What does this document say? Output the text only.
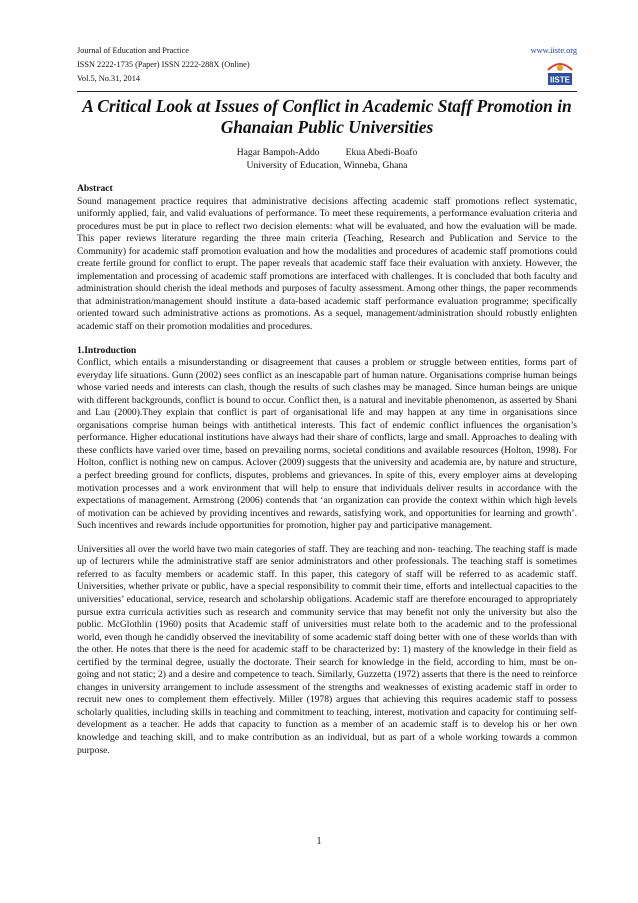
Journal of Education and Practice
ISSN 2222-1735 (Paper) ISSN 2222-288X (Online)
Vol.5, No.31, 2014
www.iiste.org
IISTE
A Critical Look at Issues of Conflict in Academic Staff Promotion in Ghanaian Public Universities
Hagar Bampoh-Addo	Ekua Abedi-Boafo
University of Education, Winneba, Ghana

Abstract

Sound management practice requires that administrative decisions affecting academic staff promotions reflect systematic, uniformly applied, fair, and valid evaluations of performance. To meet these requirements, a performance evaluation criteria and procedures must be put in place to reflect two decision elements: what will be evaluated, and how the evaluation will be made. This paper reviews literature regarding the three main criteria (Teaching, Research and Publication and Service to the Community) for academic staff promotion evaluation and how the modalities and procedures of academic staff promotions could create fertile ground for conflict to erupt. The paper reveals that academic staff face their evaluation with anxiety. However, the implementation and processing of academic staff promotions are interfaced with challenges. It is concluded that both faculty and administration should cherish the ideal methods and purposes of faculty assessment. Among other things, the paper recommends that administration/management should institute a data-based academic staff performance evaluation programme; specifically oriented toward such administrative actions as promotions. As a sequel, management/administration should robustly enlighten academic staff on their promotion modalities and procedures.

1.Introduction

Conflict, which entails a misunderstanding or disagreement that causes a problem or struggle between entities, forms part of everyday life situations. Gunn (2002) sees conflict as an inescapable part of human nature. Organisations comprise human beings whose varied needs and interests can clash, though the results of such clashes may be managed. Since human beings are unique with different backgrounds, conflict is bound to occur. Conflict then, is a natural and inevitable phenomenon, as asserted by Shani and Lau (2000).They explain that conflict is part of organisational life and may happen at any time in organisations since organisations comprise human beings with antithetical interests. This fact of endemic conflict influences the organisation’s performance. Higher educational institutions have always had their share of conflicts, large and small. Approaches to dealing with these conflicts have varied over time, based on prevailing norms, societal conditions and available resources (Holton, 1998). For Holton, conflict is nothing new on campus. Aclover (2009) suggests that the university and academia are, by nature and structure, a perfect breeding ground for conflicts, disputes, problems and grievances. In spite of this, every employer aims at developing motivation processes and a work environment that will help to ensure that individuals deliver results in accordance with the expectations of management. Armstrong (2006) contends that ‘an organization can provide the context within which high levels of motivation can be achieved by providing incentives and rewards, satisfying work, and opportunities for learning and growth’. Such incentives and rewards include opportunities for promotion, higher pay and participative management.

Universities all over the world have two main categories of staff. They are teaching and non- teaching. The teaching staff is made up of lecturers while the administrative staff are senior administrators and other professionals. The teaching staff is sometimes referred to as faculty members or academic staff. In this paper, this category of staff will be referred to as academic staff. Universities, whether private or public, have a special responsibility to commit their time, efforts and intellectual capacities to the universities’ educational, service, research and scholarship obligations. Academic staff are therefore encouraged to appropriately pursue extra curricula activities such as research and community service that may benefit not only the university but also the public. McGlothlin (1960) posits that Academic staff of universities must relate both to the academic and to the professional world, even though he candidly observed the inevitability of some academic staff doing better with one of these worlds than with the other. He notes that there is the need for academic staff to be characterized by: 1) mastery of the knowledge in their field as certified by the terminal degree, usually the doctorate. Their search for knowledge in the field, according to him, must be on-going and not static; 2) and a desire and competence to teach. Similarly, Guzzetta (1972) asserts that there is the need to reinforce changes in university arrangement to include assessment of the strengths and weaknesses of existing academic staff in order to recruit new ones to complement them effectively. Miller (1978) argues that achieving this requires academic staff to possess scholarly qualities, including skills in teaching and commitment to teaching, interest, motivation and capacity for continuing self-development as a teacher. He adds that capacity to function as a member of an academic staff is to develop his or her own knowledge and teaching skill, and to make contribution as an individual, but as part of a whole working towards a common purpose.

1
